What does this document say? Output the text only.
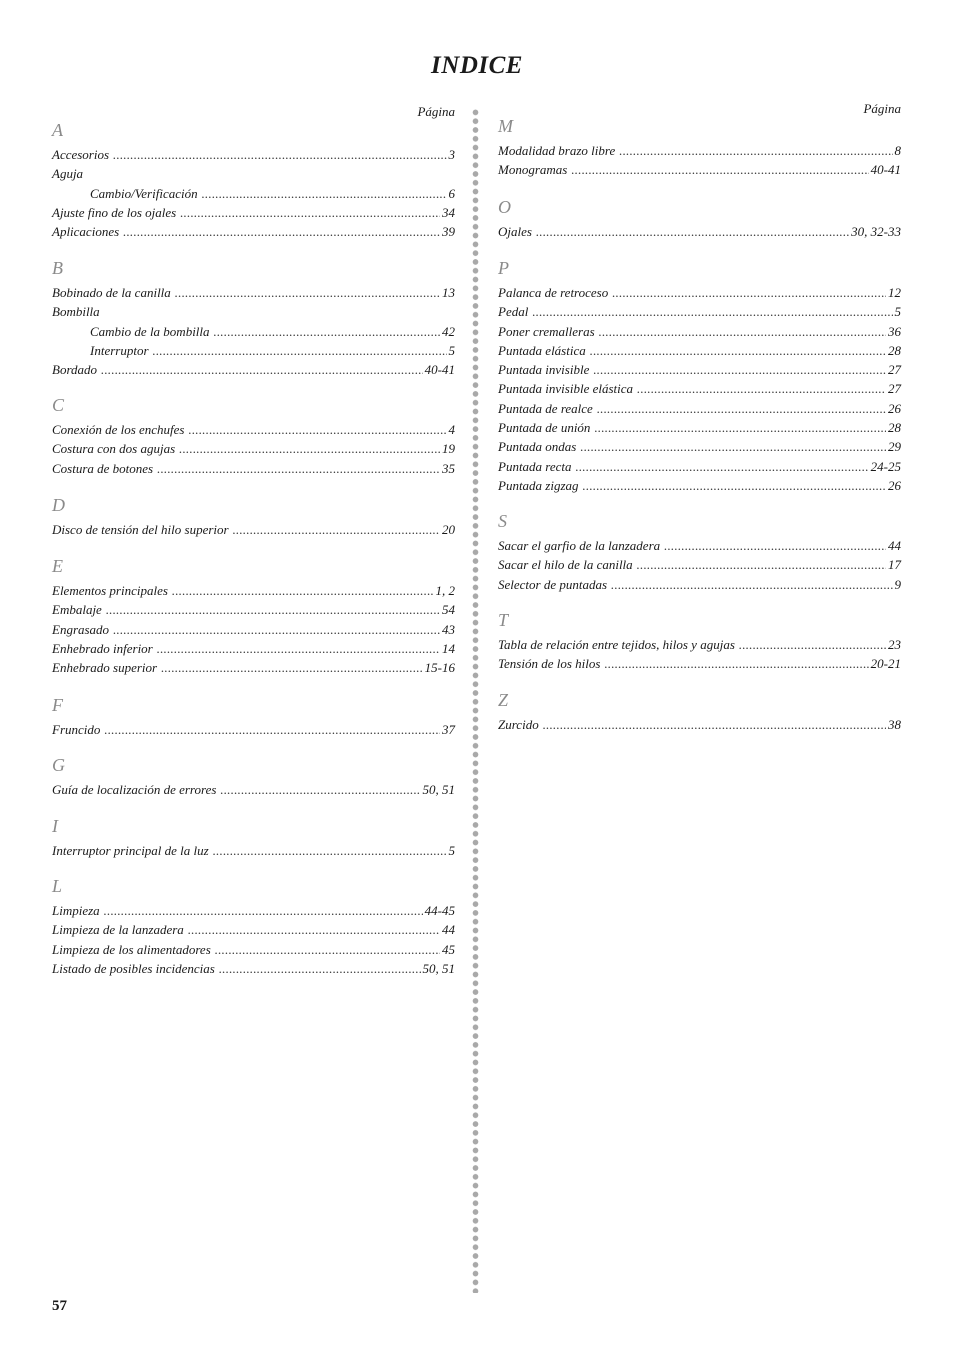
INDICE
Página
A
Accesorios .....	3
Aguja
Cambio/Verificación .....	6
Ajuste fino de los ojales .....	34
Aplicaciones .....	39
B
Bobinado de la canilla .....	13
Bombilla
Cambio de la bombilla .....	42
Interruptor .....	5
Bordado .....	40-41
C
Conexión de los enchufes .....	4
Costura con dos agujas .....	19
Costura de botones .....	35
D
Disco de tensión del hilo superior .....	20
E
Elementos principales .....	1, 2
Embalaje .....	54
Engrasado .....	43
Enhebrado inferior .....	14
Enhebrado superior .....	15-16
F
Fruncido .....	37
G
Guía de localización de errores .....	50, 51
I
Interruptor principal de la luz .....	5
L
Limpieza .....	44-45
Limpieza de la lanzadera .....	44
Limpieza de los alimentadores .....	45
Listado de posibles incidencias .....	50, 51
Página
M
Modalidad brazo libre .....	8
Monogramas .....	40-41
O
Ojales .....	30, 32-33
P
Palanca de retroceso .....	12
Pedal .....	5
Poner cremalleras .....	36
Puntada elástica .....	28
Puntada invisible .....	27
Puntada invisible elástica .....	27
Puntada de realce .....	26
Puntada de unión .....	28
Puntada ondas .....	29
Puntada recta .....	24-25
Puntada zigzag .....	26
S
Sacar el garfio de la lanzadera .....	44
Sacar el hilo de la canilla .....	17
Selector de puntadas .....	9
T
Tabla de relación entre tejidos, hilos y agujas .....	23
Tensión de los hilos .....	20-21
Z
Zurcido .....	38
57
